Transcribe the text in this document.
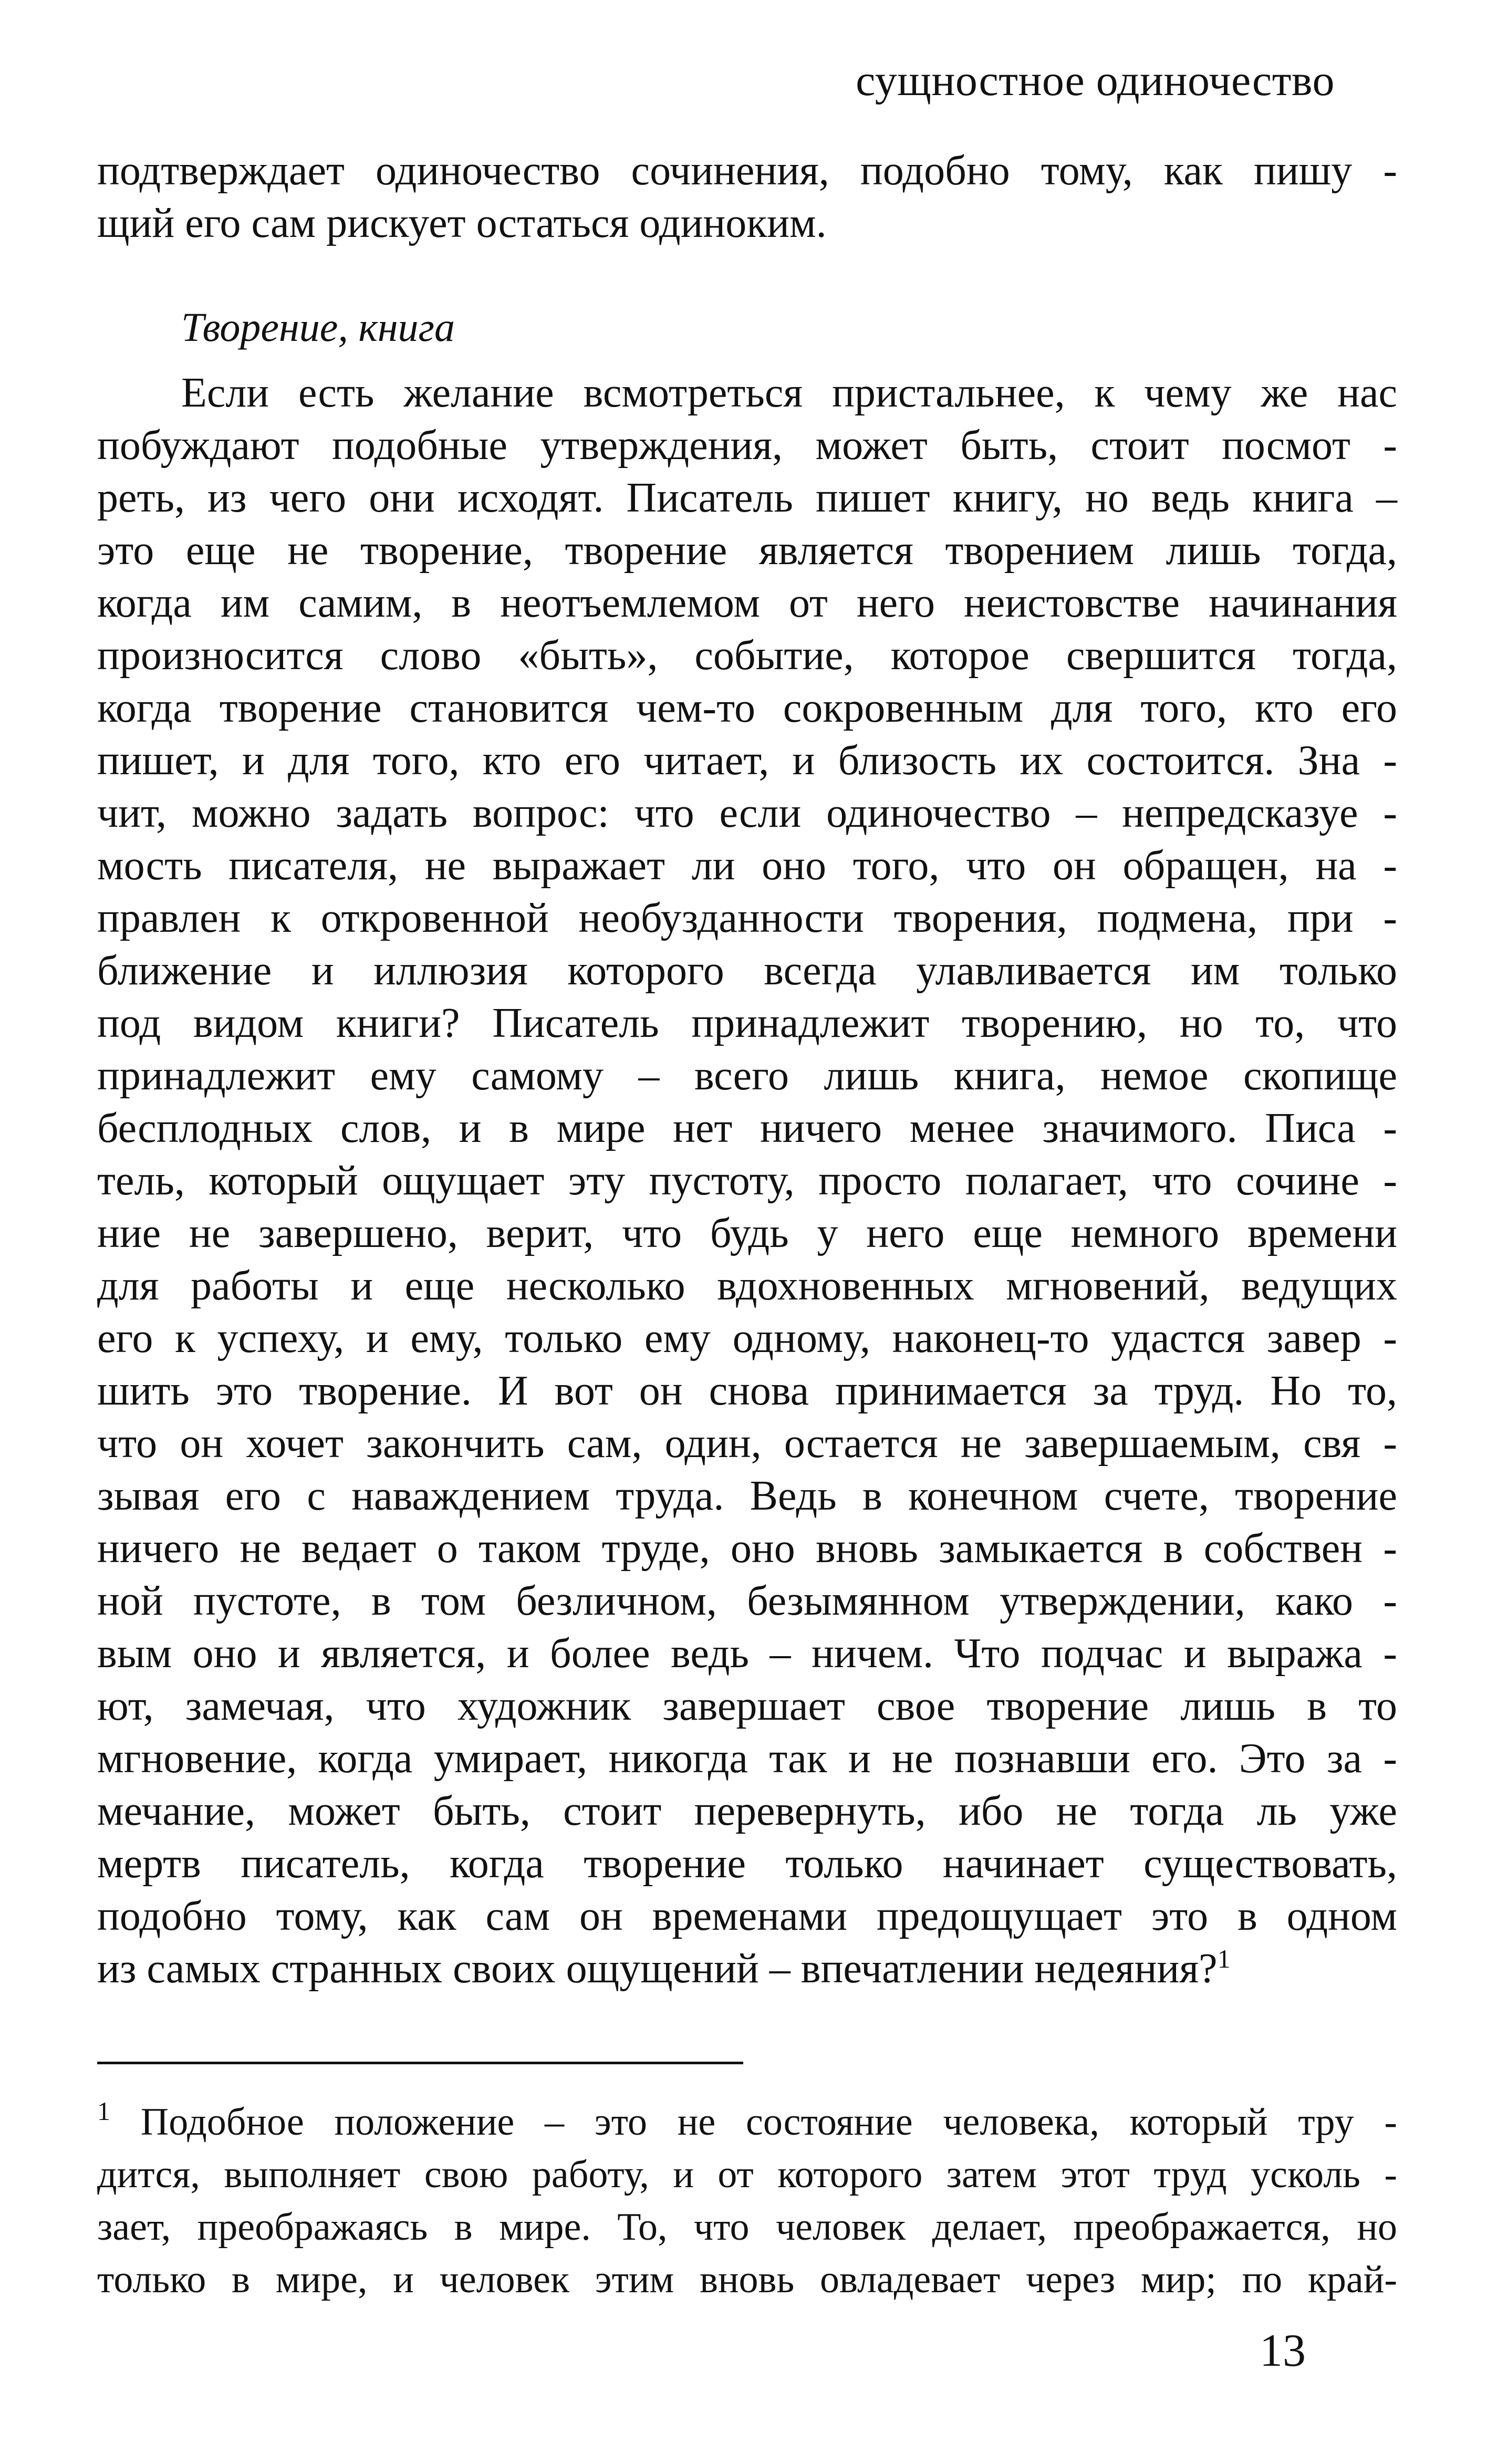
сущностное одиночество
подтверждает одиночество сочинения, подобно тому, как пишу -
щий его сам рискует остаться одиноким.
Творение, книга
Если есть желание всмотреться пристальнее, к чему же нас
побуждают подобные утверждения, может быть, стоит посмот -
реть, из чего они исходят. Писатель пишет книгу, но ведь книга –
это еще не творение, творение является творением лишь тогда,
когда им самим, в неотъемлемом от него неистовстве начинания
произносится слово «быть», событие, которое свершится тогда,
когда творение становится чем-то сокровенным для того, кто его
пишет, и для того, кто его читает, и близость их состоится. Зна -
чит, можно задать вопрос: что если одиночество – непредсказуе -
мость писателя, не выражает ли оно того, что он обращен, на -
правлен к откровенной необузданности творения, подмена, при -
ближение и иллюзия которого всегда улавливается им только
под видом книги? Писатель принадлежит творению, но то, что
принадлежит ему самому – всего лишь книга, немое скопище
бесплодных слов, и в мире нет ничего менее значимого. Писа -
тель, который ощущает эту пустоту, просто полагает, что сочине -
ние не завершено, верит, что будь у него еще немного времени
для работы и еще несколько вдохновенных мгновений, ведущих
его к успеху, и ему, только ему одному, наконец-то удастся завер -
шить это творение. И вот он снова принимается за труд. Но то,
что он хочет закончить сам, один, остается не завершаемым, свя -
зывая его с наваждением труда. Ведь в конечном счете, творение
ничего не ведает о таком труде, оно вновь замыкается в собствен -
ной пустоте, в том безличном, безымянном утверждении, како -
вым оно и является, и более ведь – ничем. Что подчас и выража -
ют, замечая, что художник завершает свое творение лишь в то
мгновение, когда умирает, никогда так и не познавши его. Это за -
мечание, может быть, стоит перевернуть, ибо не тогда ль уже
мертв писатель, когда творение только начинает существовать,
подобно тому, как сам он временами предощущает это в одном
из самых странных своих ощущений – впечатлении недеяния?$^1$
$^1$ Подобное положение – это не состояние человека, который тру -
дится, выполняет свою работу, и от которого затем этот труд усколь -
зает, преображаясь в мире. То, что человек делает, преображается, но
только в мире, и человек этим вновь овладевает через мир; по край-
13
